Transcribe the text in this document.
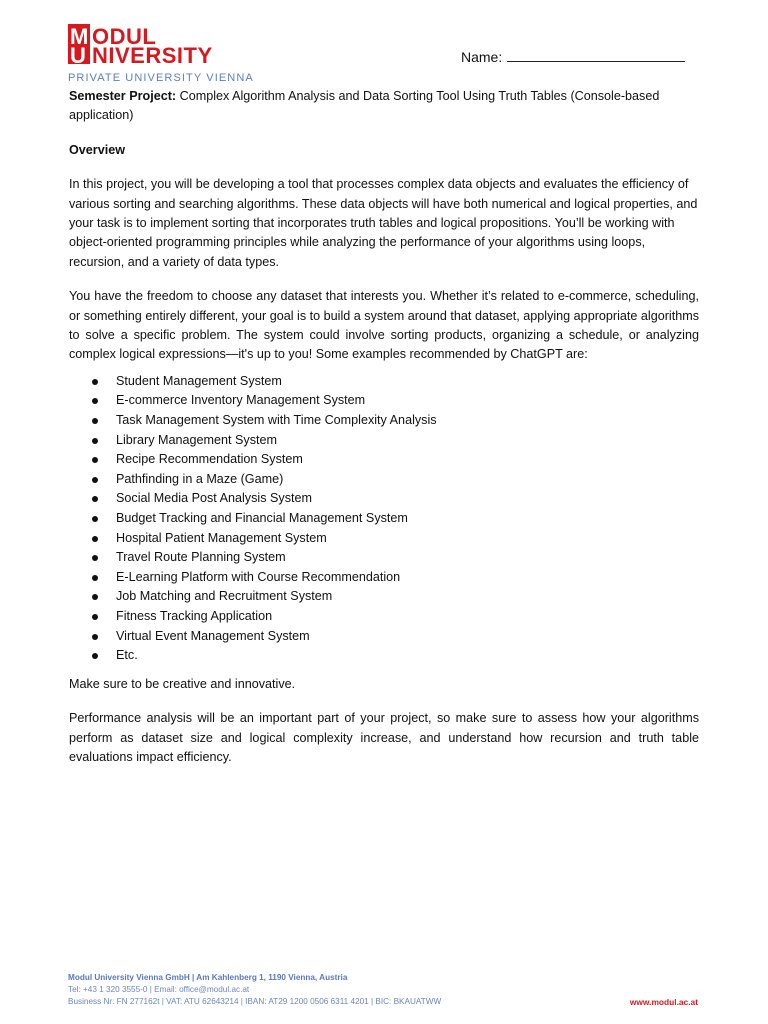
M ODUL
U NIVERSITY
PRIVATE UNIVERSITY VIENNA
Name:

Semester Project: Complex Algorithm Analysis and Data Sorting Tool Using Truth Tables (Console-based application)

Overview

In this project, you will be developing a tool that processes complex data objects and evaluates the efficiency of various sorting and searching algorithms. These data objects will have both numerical and logical properties, and your task is to implement sorting that incorporates truth tables and logical propositions. You’ll be working with object-oriented programming principles while analyzing the performance of your algorithms using loops, recursion, and a variety of data types.

You have the freedom to choose any dataset that interests you. Whether it’s related to e-commerce, scheduling, or something entirely different, your goal is to build a system around that dataset, applying appropriate algorithms to solve a specific problem. The system could involve sorting products, organizing a schedule, or analyzing complex logical expressions—it's up to you! Some examples recommended by ChatGPT are:

Student Management System
E-commerce Inventory Management System
Task Management System with Time Complexity Analysis
Library Management System
Recipe Recommendation System
Pathfinding in a Maze (Game)
Social Media Post Analysis System
Budget Tracking and Financial Management System
Hospital Patient Management System
Travel Route Planning System
E-Learning Platform with Course Recommendation
Job Matching and Recruitment System
Fitness Tracking Application
Virtual Event Management System
Etc.

Make sure to be creative and innovative.

Performance analysis will be an important part of your project, so make sure to assess how your algorithms perform as dataset size and logical complexity increase, and understand how recursion and truth table evaluations impact efficiency.

Modul University Vienna GmbH | Am Kahlenberg 1, 1190 Vienna, Austria
Tel: +43 1 320 3555-0 | Email: office@modul.ac.at
Business Nr: FN 277162t | VAT: ATU 62643214 | IBAN: AT29 1200 0506 6311 4201 | BIC: BKAUATWW	www.modul.ac.at
